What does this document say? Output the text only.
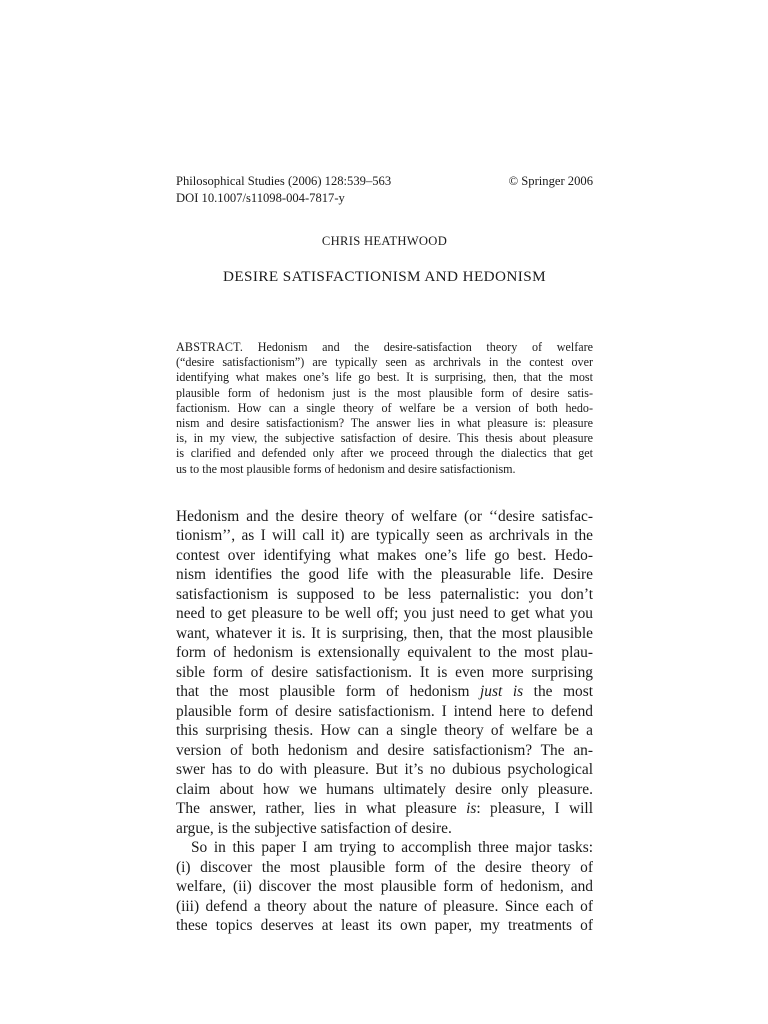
Philosophical Studies (2006) 128:539–563	© Springer 2006
DOI 10.1007/s11098-004-7817-y
CHRIS HEATHWOOD
DESIRE SATISFACTIONISM AND HEDONISM
ABSTRACT. Hedonism and the desire-satisfaction theory of welfare
(“desire satisfactionism”) are typically seen as archrivals in the contest over
identifying what makes one’s life go best. It is surprising, then, that the most
plausible form of hedonism just is the most plausible form of desire satis-
factionism. How can a single theory of welfare be a version of both hedo-
nism and desire satisfactionism? The answer lies in what pleasure is: pleasure
is, in my view, the subjective satisfaction of desire. This thesis about pleasure
is clarified and defended only after we proceed through the dialectics that get
us to the most plausible forms of hedonism and desire satisfactionism.

Hedonism and the desire theory of welfare (or ‘‘desire satisfac-
tionism’’, as I will call it) are typically seen as archrivals in the
contest over identifying what makes one’s life go best. Hedo-
nism identifies the good life with the pleasurable life. Desire
satisfactionism is supposed to be less paternalistic: you don’t
need to get pleasure to be well off; you just need to get what you
want, whatever it is. It is surprising, then, that the most plausible
form of hedonism is extensionally equivalent to the most plau-
sible form of desire satisfactionism. It is even more surprising
that the most plausible form of hedonism just is the most
plausible form of desire satisfactionism. I intend here to defend
this surprising thesis. How can a single theory of welfare be a
version of both hedonism and desire satisfactionism? The an-
swer has to do with pleasure. But it’s no dubious psychological
claim about how we humans ultimately desire only pleasure.
The answer, rather, lies in what pleasure is: pleasure, I will
argue, is the subjective satisfaction of desire.

So in this paper I am trying to accomplish three major tasks:
(i) discover the most plausible form of the desire theory of
welfare, (ii) discover the most plausible form of hedonism, and
(iii) defend a theory about the nature of pleasure. Since each of
these topics deserves at least its own paper, my treatments of
